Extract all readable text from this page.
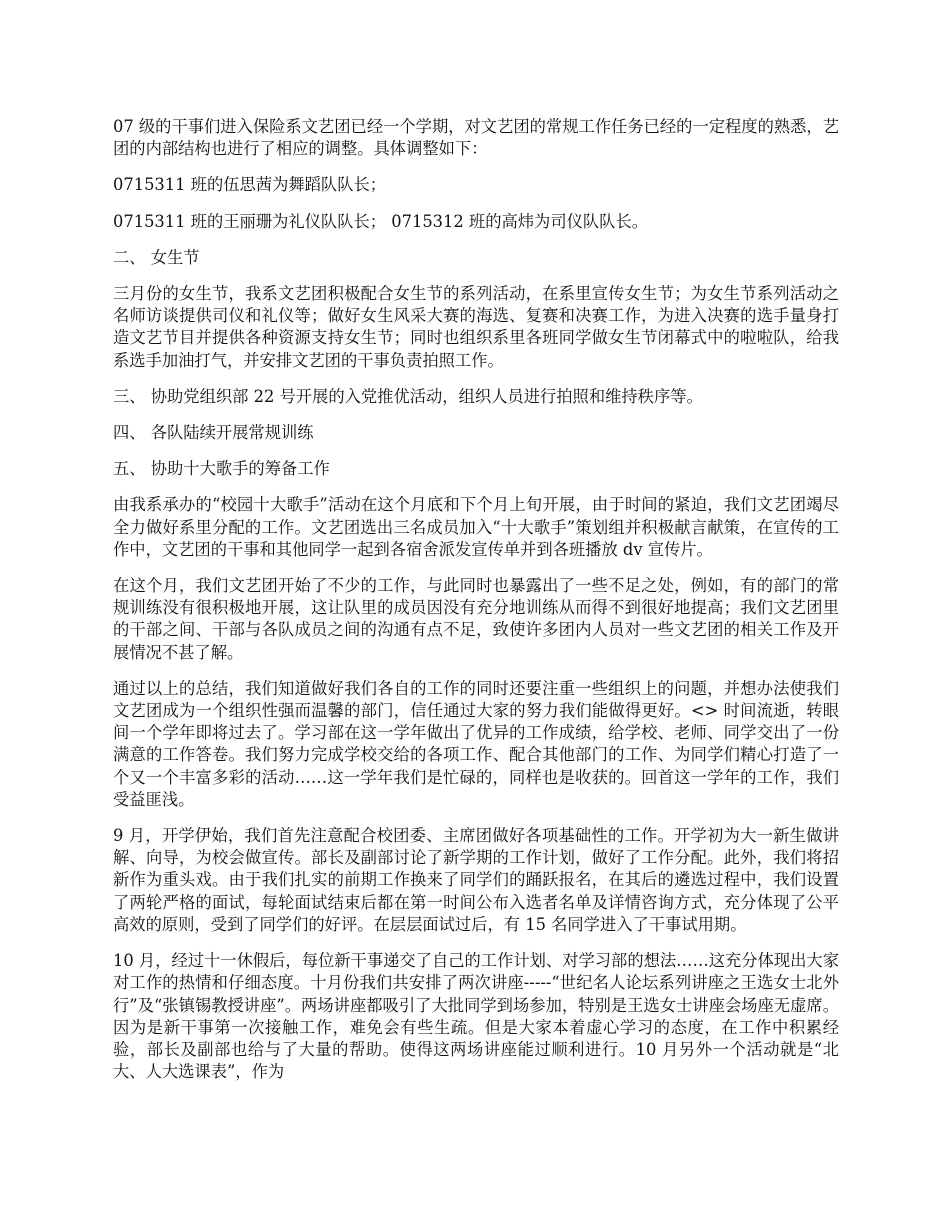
07 级的干事们进入保险系文艺团已经一个学期，对文艺团的常规工作任务已经的一定程度的熟悉，艺团的内部结构也进行了相应的调整。具体调整如下：

0715311 班的伍思茜为舞蹈队队长；

0715311 班的王丽珊为礼仪队队长； 0715312 班的高炜为司仪队队长。

二、 女生节

三月份的女生节，我系文艺团积极配合女生节的系列活动，在系里宣传女生节；为女生节系列活动之名师访谈提供司仪和礼仪等；做好女生风采大赛的海选、复赛和决赛工作，为进入决赛的选手量身打造文艺节目并提供各种资源支持女生节；同时也组织系里各班同学做女生节闭幕式中的啦啦队，给我系选手加油打气，并安排文艺团的干事负责拍照工作。

三、 协助党组织部 22 号开展的入党推优活动，组织人员进行拍照和维持秩序等。

四、 各队陆续开展常规训练

五、 协助十大歌手的筹备工作

由我系承办的“校园十大歌手”活动在这个月底和下个月上旬开展，由于时间的紧迫，我们文艺团竭尽全力做好系里分配的工作。文艺团选出三名成员加入“十大歌手”策划组并积极献言献策，在宣传的工作中，文艺团的干事和其他同学一起到各宿舍派发宣传单并到各班播放 dv 宣传片。

在这个月，我们文艺团开始了不少的工作，与此同时也暴露出了一些不足之处，例如，有的部门的常规训练没有很积极地开展，这让队里的成员因没有充分地训练从而得不到很好地提高；我们文艺团里的干部之间、干部与各队成员之间的沟通有点不足，致使许多团内人员对一些文艺团的相关工作及开展情况不甚了解。

通过以上的总结，我们知道做好我们各自的工作的同时还要注重一些组织上的问题，并想办法使我们文艺团成为一个组织性强而温馨的部门，信任通过大家的努力我们能做得更好。<> 时间流逝，转眼间一个学年即将过去了。学习部在这一学年做出了优异的工作成绩，给学校、老师、同学交出了一份满意的工作答卷。我们努力完成学校交给的各项工作、配合其他部门的工作、为同学们精心打造了一个又一个丰富多彩的活动……这一学年我们是忙碌的，同样也是收获的。回首这一学年的工作，我们受益匪浅。

9 月，开学伊始，我们首先注意配合校团委、主席团做好各项基础性的工作。开学初为大一新生做讲解、向导，为校会做宣传。部长及副部讨论了新学期的工作计划，做好了工作分配。此外，我们将招新作为重头戏。由于我们扎实的前期工作换来了同学们的踊跃报名，在其后的遴选过程中，我们设置了两轮严格的面试，每轮面试结束后都在第一时间公布入选者名单及详情咨询方式，充分体现了公平高效的原则，受到了同学们的好评。在层层面试过后，有 15 名同学进入了干事试用期。

10 月，经过十一休假后，每位新干事递交了自己的工作计划、对学习部的想法……这充分体现出大家对工作的热情和仔细态度。十月份我们共安排了两次讲座-----“世纪名人论坛系列讲座之王选女士北外行”及“张镇锡教授讲座”。两场讲座都吸引了大批同学到场参加，特别是王选女士讲座会场座无虚席。因为是新干事第一次接触工作，难免会有些生疏。但是大家本着虚心学习的态度，在工作中积累经验，部长及副部也给与了大量的帮助。使得这两场讲座能过顺利进行。10 月另外一个活动就是“北大、人大选课表”，作为
